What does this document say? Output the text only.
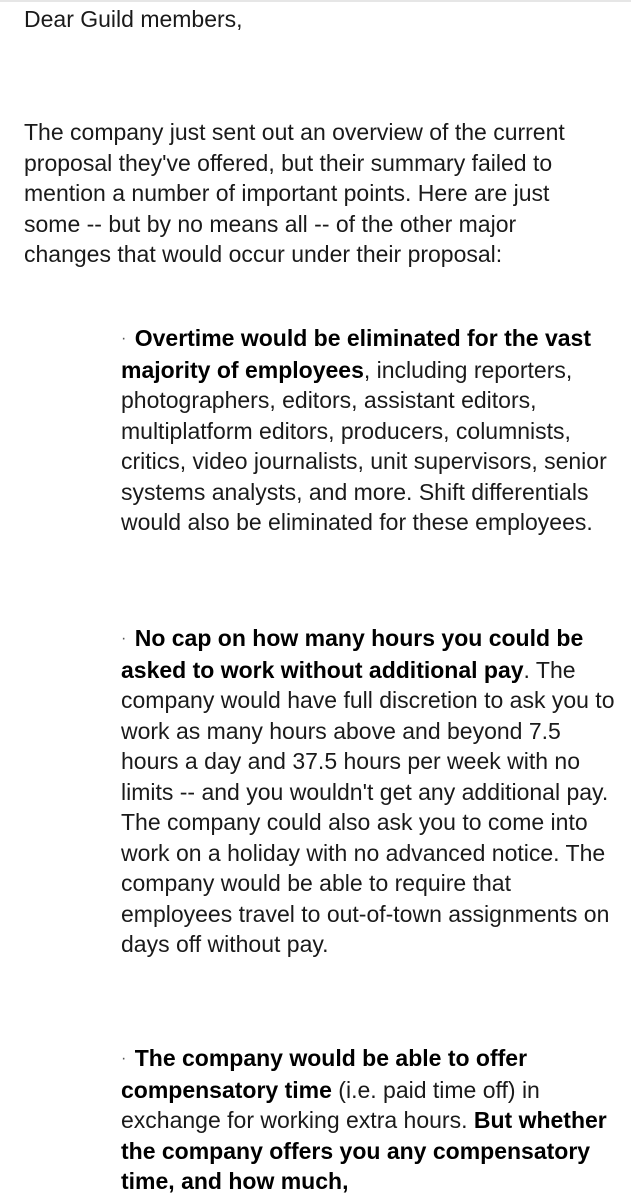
Dear Guild members,

The company just sent out an overview of the current proposal they've offered, but their summary failed to mention a number of important points. Here are just some -- but by no means all -- of the other major changes that would occur under their proposal:

· Overtime would be eliminated for the vast majority of employees, including reporters, photographers, editors, assistant editors, multiplatform editors, producers, columnists, critics, video journalists, unit supervisors, senior systems analysts, and more. Shift differentials would also be eliminated for these employees.

· No cap on how many hours you could be asked to work without additional pay. The company would have full discretion to ask you to work as many hours above and beyond 7.5 hours a day and 37.5 hours per week with no limits -- and you wouldn't get any additional pay. The company could also ask you to come into work on a holiday with no advanced notice. The company would be able to require that employees travel to out-of-town assignments on days off without pay.

· The company would be able to offer compensatory time (i.e. paid time off) in exchange for working extra hours. But whether the company offers you any compensatory time, and how much,
